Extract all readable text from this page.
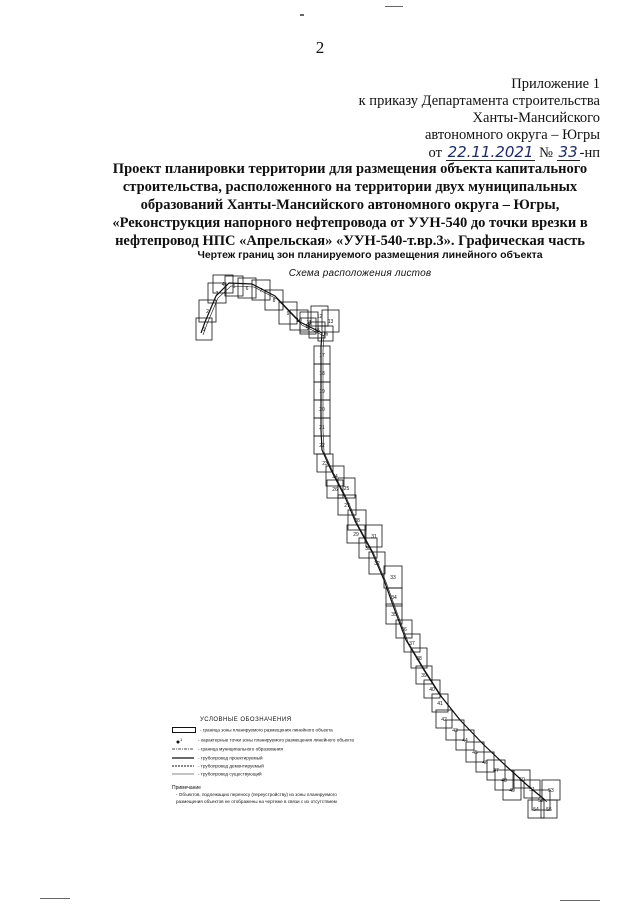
2
Приложение 1
к приказу Департамента строительства
Ханты-Мансийского
автономного округа – Югры
от 22.11.2021 № 33 -нп
Проект планировки территории для размещения объекта капитального
строительства, расположенного на территории двух муниципальных
образований Ханты-Мансийского автономного округа – Югры,
«Реконструкция напорного нефтепровода от УУН-540 до точки врезки в
нефтепровод НПС «Апрельская» «УУН-540-т.вр.3». Графическая часть
Чертеж границ зон планируемого размещения линейного объекта
Схема расположения листов
1
2
3
4 5 6 7
8
9
10 11
12
13
14
15
16
17
18
19
20
21
22
23
24
25
26
27
28
29
30
31
32
33
34
35
36
37
38
39
40
41
42
43
44
45
46
47
48
49
50
51
52
53
54 55
УСЛОВНЫЕ ОБОЗНАЧЕНИЯ
- граница зоны планируемого размещения линейного объекта
1	- характерные точки зоны планируемого размещения линейного объекта
- граница муниципального образования
- трубопровод проектируемый
- трубопровод демонтируемый
- трубопровод существующий
Примечание
- Объектов, подлежащих переносу (переустройству) из зоны планируемого
размещения объектов не отображены на чертеже в связи с их отсутствием
